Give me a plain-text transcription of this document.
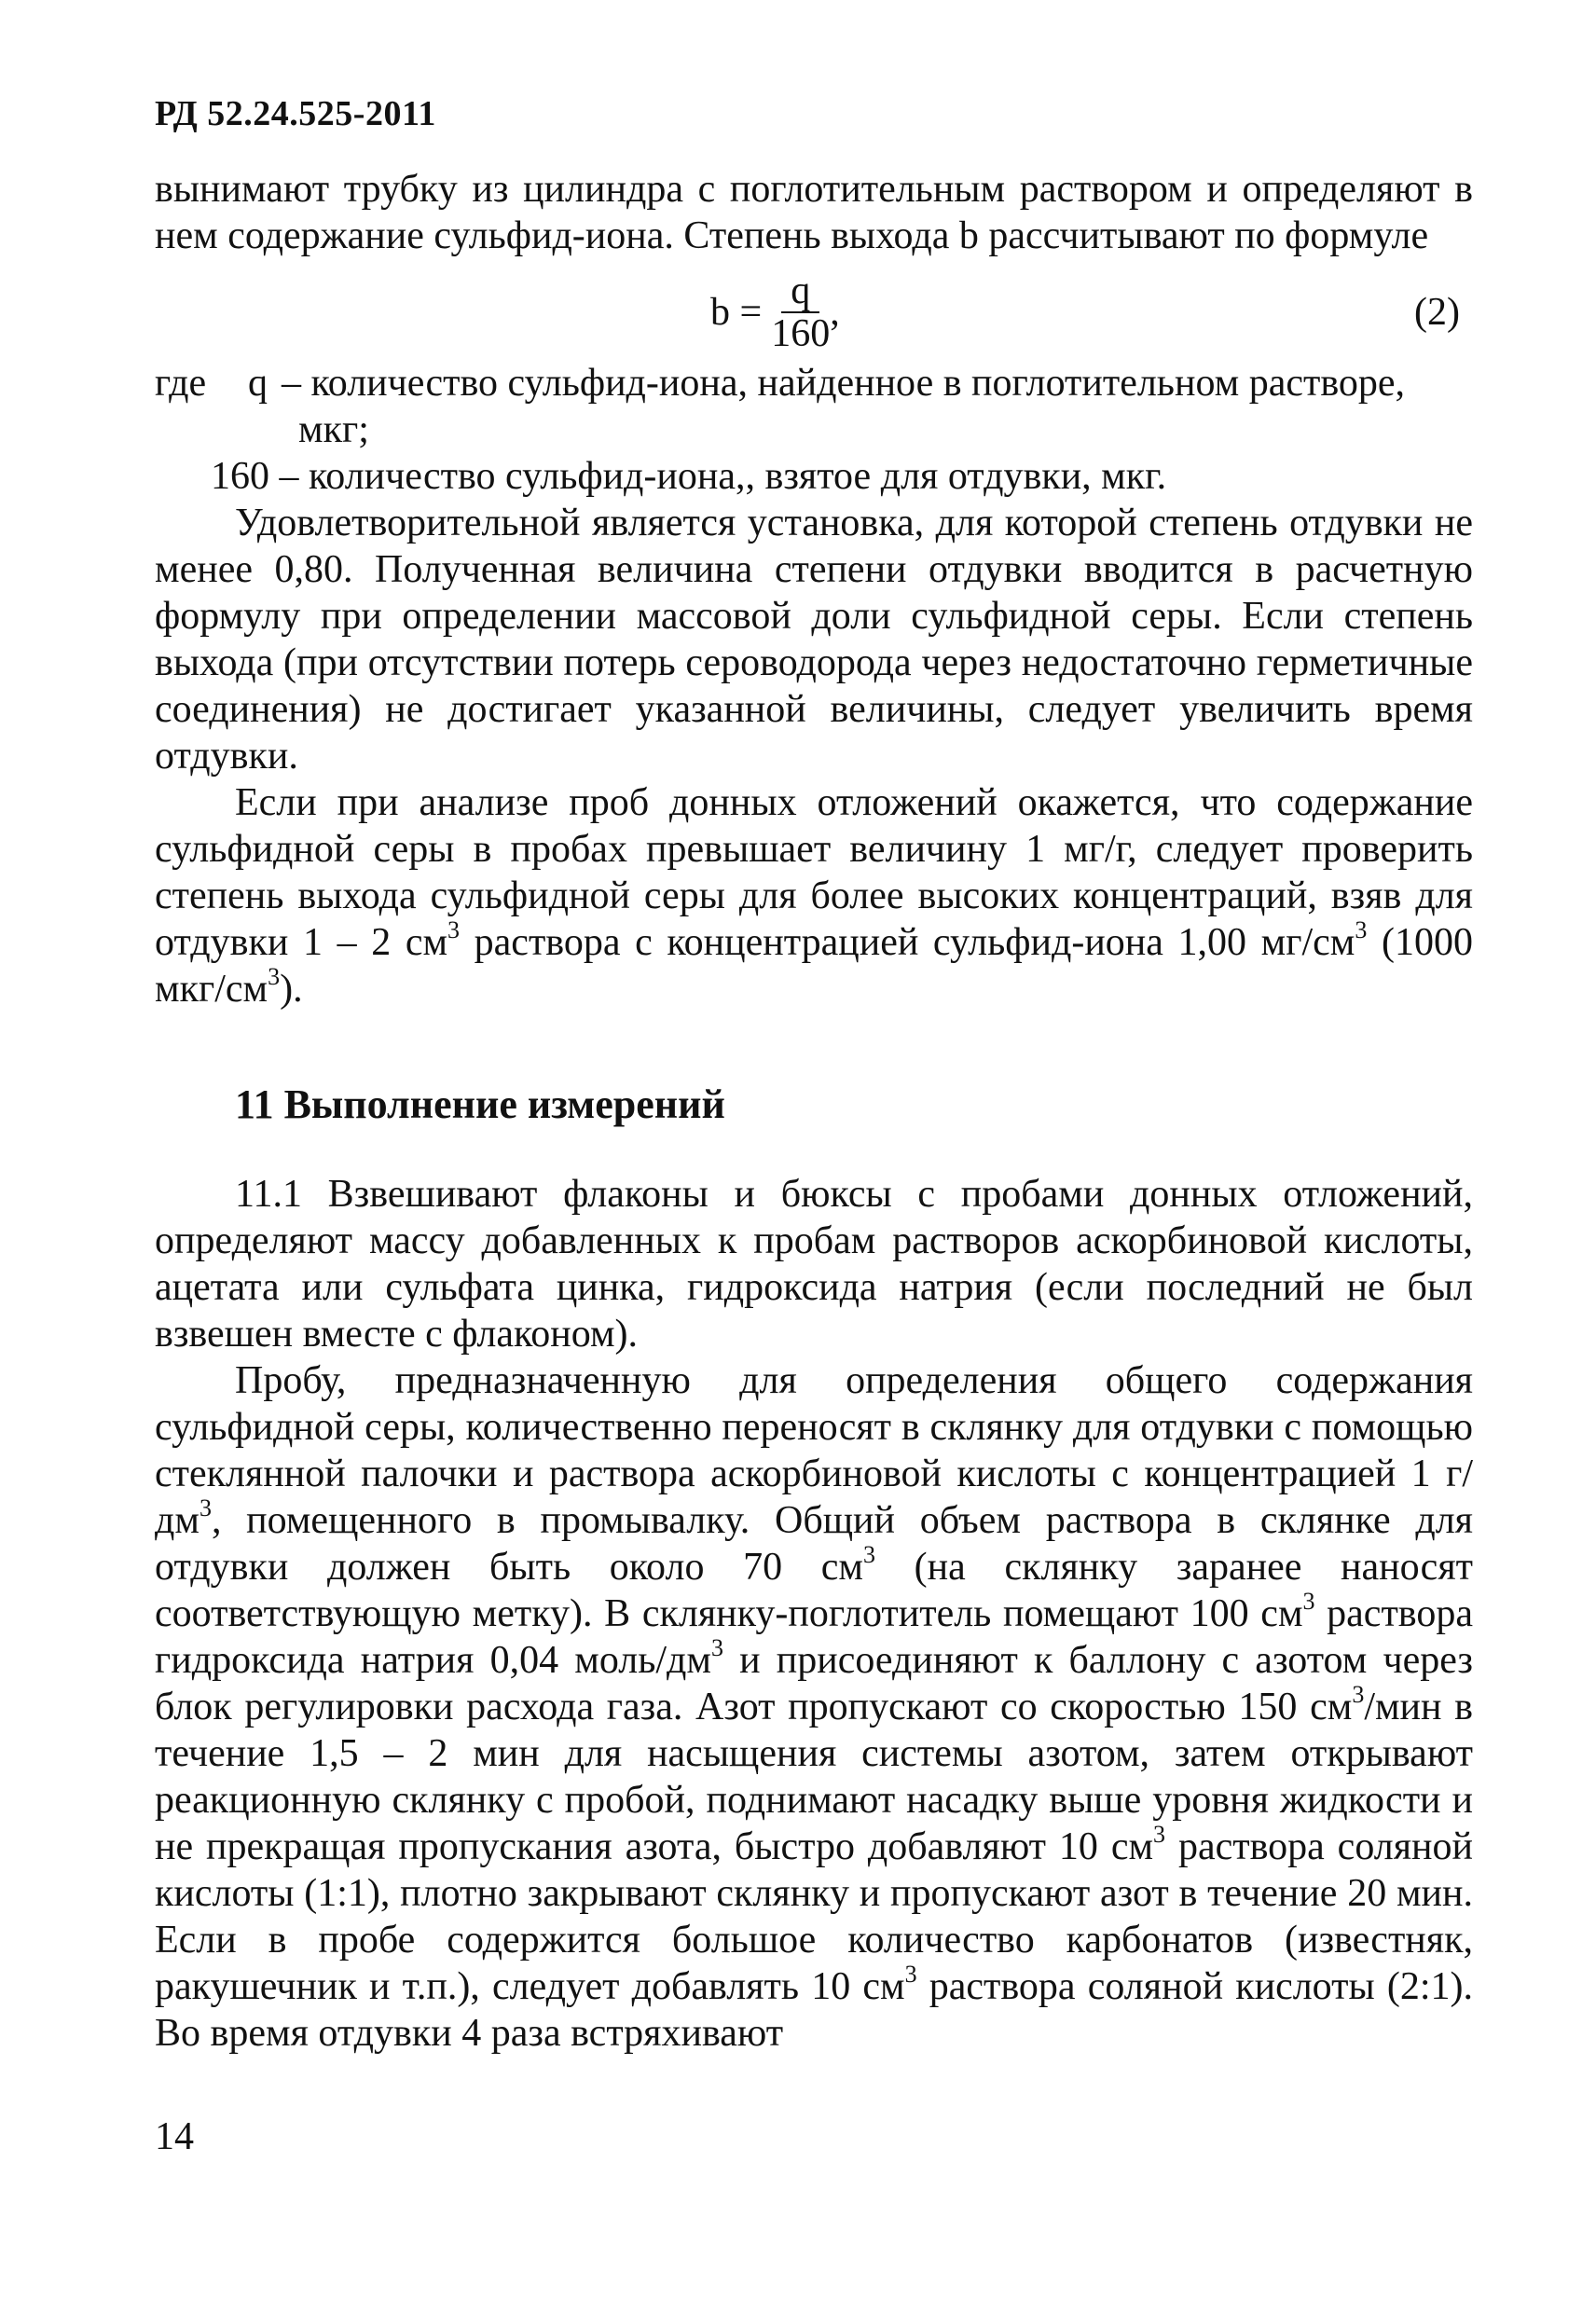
РД 52.24.525-2011

вынимают трубку из цилиндра с поглотительным раствором и определяют в нем содержание сульфид-иона. Степень выхода b рассчитывают по формуле

$b = \frac{q}{160}$ ,	(2)
где q – количество сульфид-иона, найденное в поглотительном растворе,
мкг;
160 – количество сульфид-иона,, взятое для отдувки, мкг.

Удовлетворительной является установка, для которой степень отдувки не менее 0,80. Полученная величина степени отдувки вводится в расчетную формулу при определении массовой доли сульфидной серы. Если степень выхода (при отсутствии потерь сероводорода через недостаточно герметичные соединения) не достигает указанной величины, следует увеличить время отдувки.

Если при анализе проб донных отложений окажется, что содержание сульфидной серы в пробах превышает величину 1 мг/г, следует проверить степень выхода сульфидной серы для более высоких концентраций, взяв для отдувки 1 – 2 $см^3$ раствора с концентрацией сульфид-иона 1,00 $мг/см^3$ (1000 мкг/$см^3$).

11 Выполнение измерений

11.1 Взвешивают флаконы и бюксы с пробами донных отложений, определяют массу добавленных к пробам растворов аскорбиновой кислоты, ацетата или сульфата цинка, гидроксида натрия (если последний не был взвешен вместе с флаконом).

Пробу, предназначенную для определения общего содержания сульфидной серы, количественно переносят в склянку для отдувки с помощью стеклянной палочки и раствора аскорбиновой кислоты с концентрацией 1 $г/дм^3$, помещенного в промывалку. Общий объем раствора в склянке для отдувки должен быть около 70 $см^3$ (на склянку заранее наносят соответствующую метку). В склянку-поглотитель помещают 100 $см^3$ раствора гидроксида натрия 0,04 моль/$дм^3$ и присоединяют к баллону с азотом через блок регулировки расхода газа. Азот пропускают со скоростью 150 $см^3$/мин в течение 1,5 – 2 мин для насыщения системы азотом, затем открывают реакционную склянку с пробой, поднимают насадку выше уровня жидкости и не прекращая пропускания азота, быстро добавляют 10 $см^3$ раствора соляной кислоты (1:1), плотно закрывают склянку и пропускают азот в течение 20 мин. Если в пробе содержится большое количество карбонатов (известняк, ракушечник и т.п.), следует добавлять 10 $см^3$ раствора соляной кислоты (2:1). Во время отдувки 4 раза встряхивают

14
